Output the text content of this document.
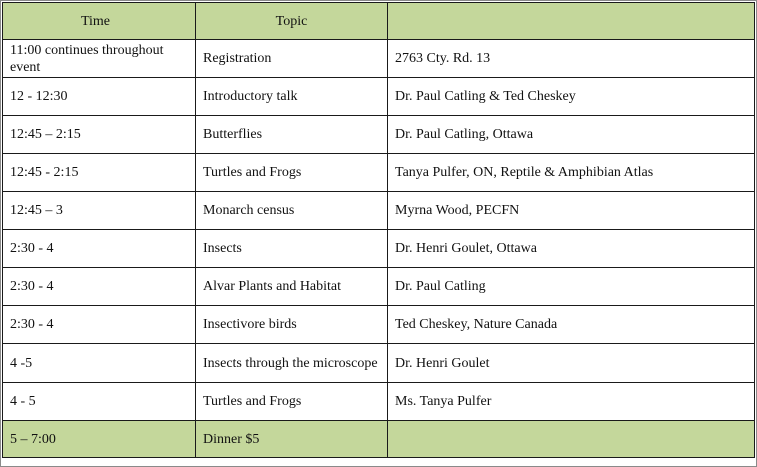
Time	Topic	
11:00 continues throughout event	Registration	2763 Cty. Rd. 13
12 - 12:30	Introductory talk	Dr. Paul Catling & Ted Cheskey
12:45 – 2:15	Butterflies	Dr. Paul Catling, Ottawa
12:45 - 2:15	Turtles and Frogs	Tanya Pulfer, ON, Reptile & Amphibian Atlas
12:45 – 3	Monarch census	Myrna Wood, PECFN
2:30 - 4	Insects	Dr. Henri Goulet, Ottawa
2:30 - 4	Alvar Plants and Habitat	Dr. Paul Catling
2:30 - 4	Insectivore birds	Ted Cheskey, Nature Canada
4 -5	Insects through the microscope	Dr. Henri Goulet
4 - 5	Turtles and Frogs	Ms. Tanya Pulfer
5 – 7:00	Dinner $5	
